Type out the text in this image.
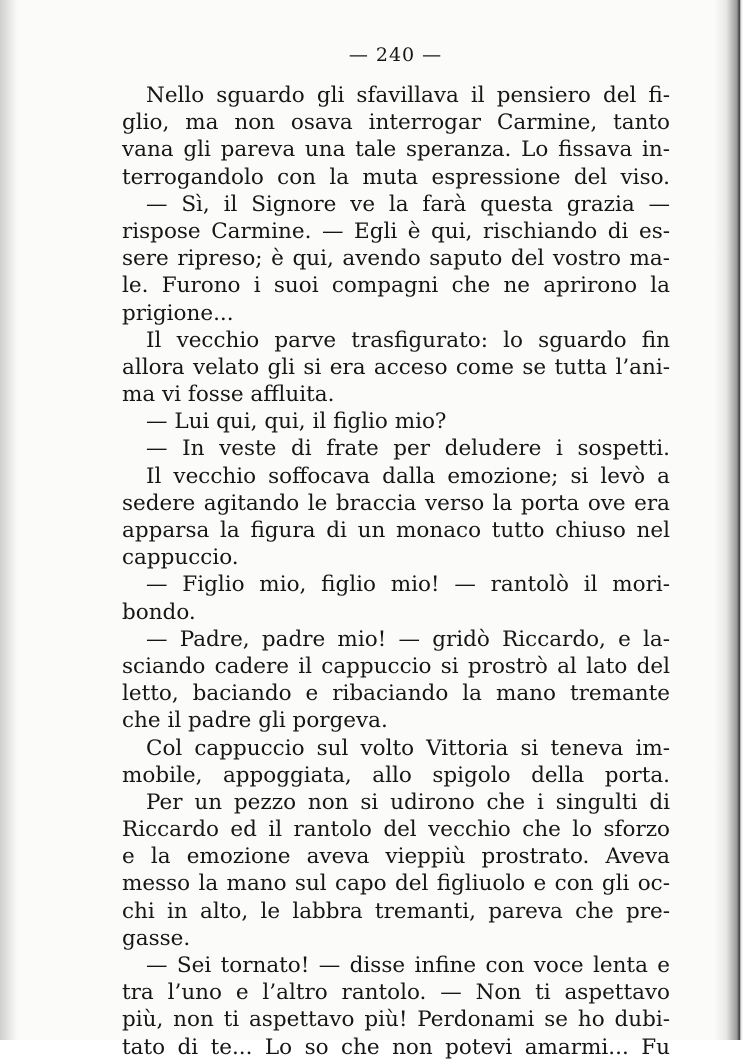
— 240 —
Nello sguardo gli sfavillava il pensiero del fi-
glio, ma non osava interrogar Carmine, tanto
vana gli pareva una tale speranza. Lo fissava in-
terrogandolo con la muta espressione del viso.
— Sì, il Signore ve la farà questa grazia —
rispose Carmine. — Egli è qui, rischiando di es-
sere ripreso; è qui, avendo saputo del vostro ma-
le. Furono i suoi compagni che ne aprirono la
prigione...
Il vecchio parve trasfigurato: lo sguardo fin
allora velato gli si era acceso come se tutta l’ani-
ma vi fosse affluita.
— Lui qui, qui, il figlio mio?
— In veste di frate per deludere i sospetti.
Il vecchio soffocava dalla emozione; si levò a
sedere agitando le braccia verso la porta ove era
apparsa la figura di un monaco tutto chiuso nel
cappuccio.
— Figlio mio, figlio mio! — rantolò il mori-
bondo.
— Padre, padre mio! — gridò Riccardo, e la-
sciando cadere il cappuccio si prostrò al lato del
letto, baciando e ribaciando la mano tremante
che il padre gli porgeva.
Col cappuccio sul volto Vittoria si teneva im-
mobile, appoggiata, allo spigolo della porta.
Per un pezzo non si udirono che i singulti di
Riccardo ed il rantolo del vecchio che lo sforzo
e la emozione aveva vieppiù prostrato. Aveva
messo la mano sul capo del figliuolo e con gli oc-
chi in alto, le labbra tremanti, pareva che pre-
gasse.
— Sei tornato! — disse infine con voce lenta e
tra l’uno e l’altro rantolo. — Non ti aspettavo
più, non ti aspettavo più! Perdonami se ho dubi-
tato di te... Lo so che non potevi amarmi... Fu
